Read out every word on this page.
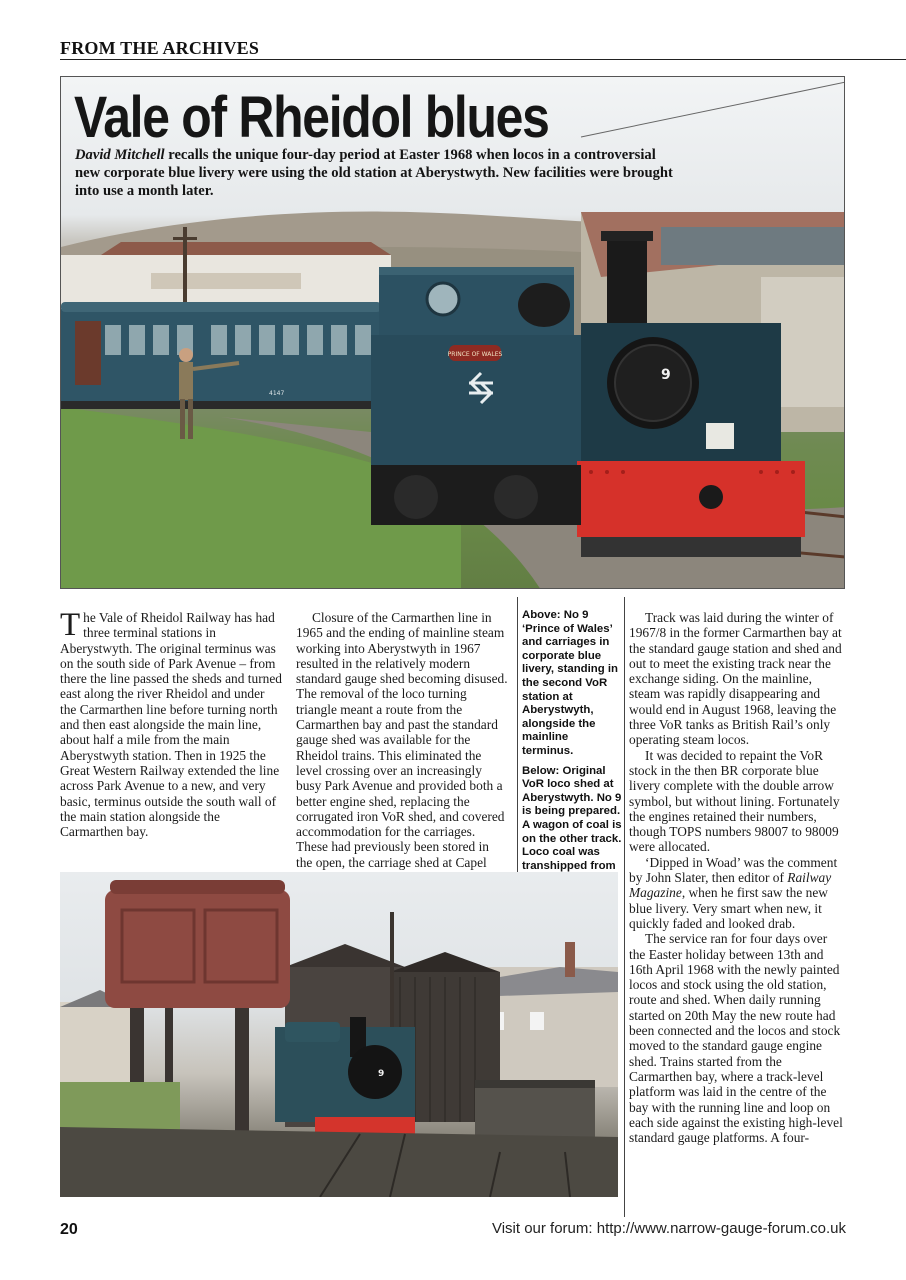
FROM THE ARCHIVES
4147
PRINCE OF WALES
9
Vale of Rheidol blues
David Mitchell recalls the unique four-day period at Easter 1968 when locos in a controversial new corporate blue livery were using the old station at Aberystwyth. New facilities were brought into use a month later.

The Vale of Rheidol Railway has had three terminal stations in Aberystwyth. The original terminus was on the south side of Park Avenue – from there the line passed the sheds and turned east along the river Rheidol and under the Carmarthen line before turning north and then east alongside the main line, about half a mile from the main Aberystwyth station. Then in 1925 the Great Western Railway extended the line across Park Avenue to a new, and very basic, terminus outside the south wall of the main station alongside the Carmarthen bay.

Closure of the Carmarthen line in 1965 and the ending of mainline steam working into Aberystwyth in 1967 resulted in the relatively modern standard gauge shed becoming disused. The removal of the loco turning triangle meant a route from the Carmarthen bay and past the standard gauge shed was available for the Rheidol trains. This eliminated the level crossing over an increasingly busy Park Avenue and provided both a better engine shed, replacing the corrugated iron VoR shed, and covered accommodation for the carriages. These had previously been stored in the open, the carriage shed at Capel

Above: No 9 ‘Prince of Wales’ and carriages in corporate blue livery, standing in the second VoR station at Aberystwyth, alongside the mainline terminus.

Below: Original VoR loco shed at Aberystwyth. No 9 is being prepared. A wagon of coal is on the other track. Loco coal was transhipped from

Track was laid during the winter of 1967/8 in the former Carmarthen bay at the standard gauge station and shed and out to meet the existing track near the exchange siding. On the mainline, steam was rapidly disappearing and would end in August 1968, leaving the three VoR tanks as British Rail’s only operating steam locos.

It was decided to repaint the VoR stock in the then BR corporate blue livery complete with the double arrow symbol, but without lining. Fortunately the engines retained their numbers, though TOPS numbers 98007 to 98009 were allocated.

‘Dipped in Woad’ was the comment by John Slater, then editor of Railway Magazine, when he first saw the new blue livery. Very smart when new, it quickly faded and looked drab.

The service ran for four days over the Easter holiday between 13th and 16th April 1968 with the newly painted locos and stock using the old station, route and shed. When daily running started on 20th May the new route had been connected and the locos and stock moved to the standard gauge engine shed. Trains started from the Carmarthen bay, where a track-level platform was laid in the centre of the bay with the running line and loop on each side against the existing high-level standard gauge platforms. A four-

9
20	Visit our forum: http://www.narrow-gauge-forum.co.uk
